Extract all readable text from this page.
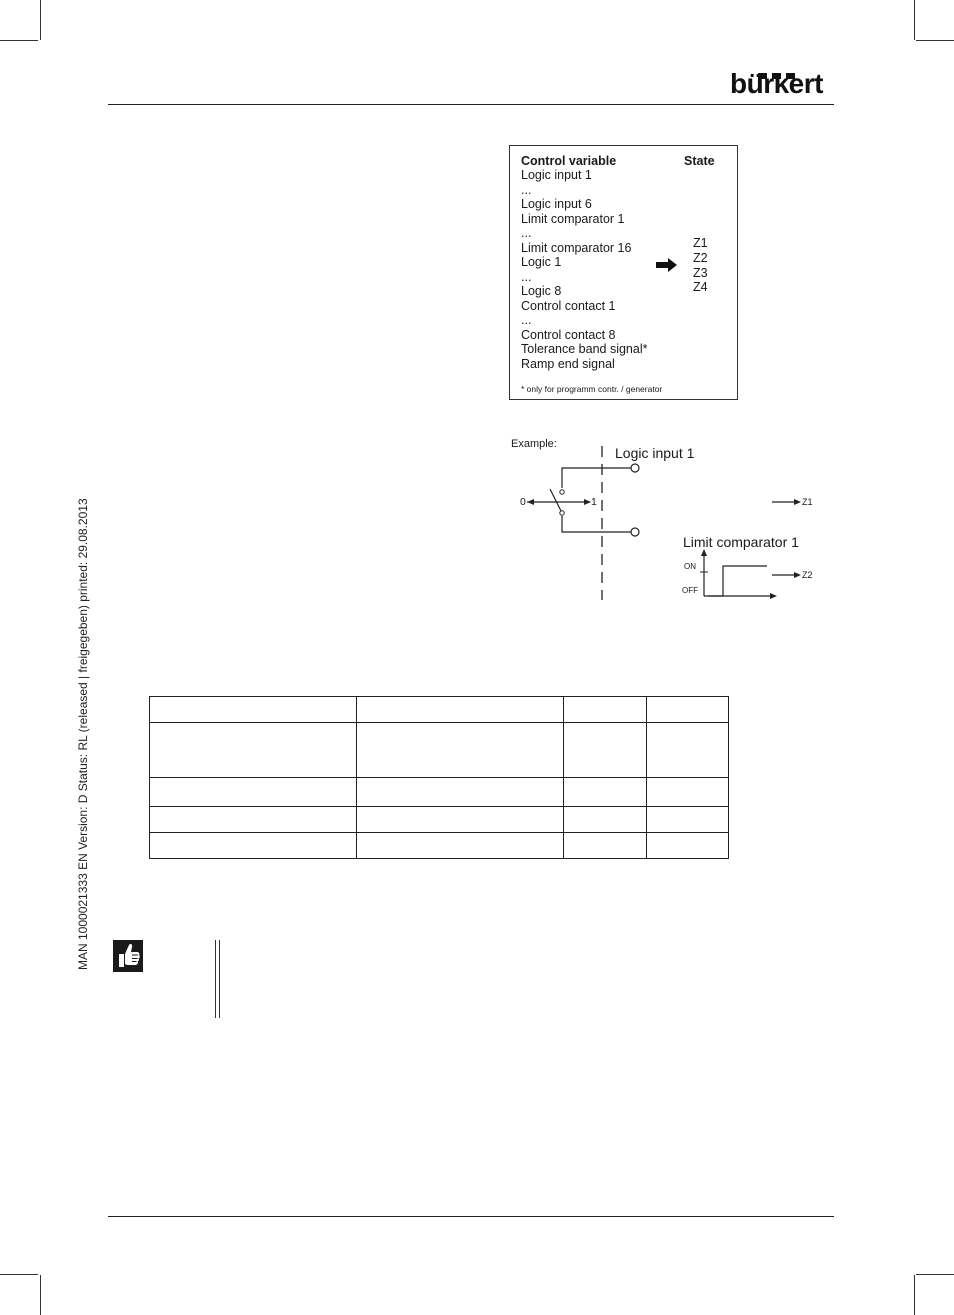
bürkert
MAN 1000021333 EN Version: D Status: RL (released | freigegeben) printed: 29.08.2013
Control variable	State
Logic input 1
...
Logic input 6
Limit comparator 1
...
Limit comparator 16
Logic 1
...
Logic 8
Control contact 1
...
Control contact 8
Tolerance band signal*
Ramp end signal
Z1
Z2
Z3
Z4
* only for programm contr. / generator
Example:
Logic input 1
0	1	Z1
Limit comparator 1
ON
OFF
Z2
